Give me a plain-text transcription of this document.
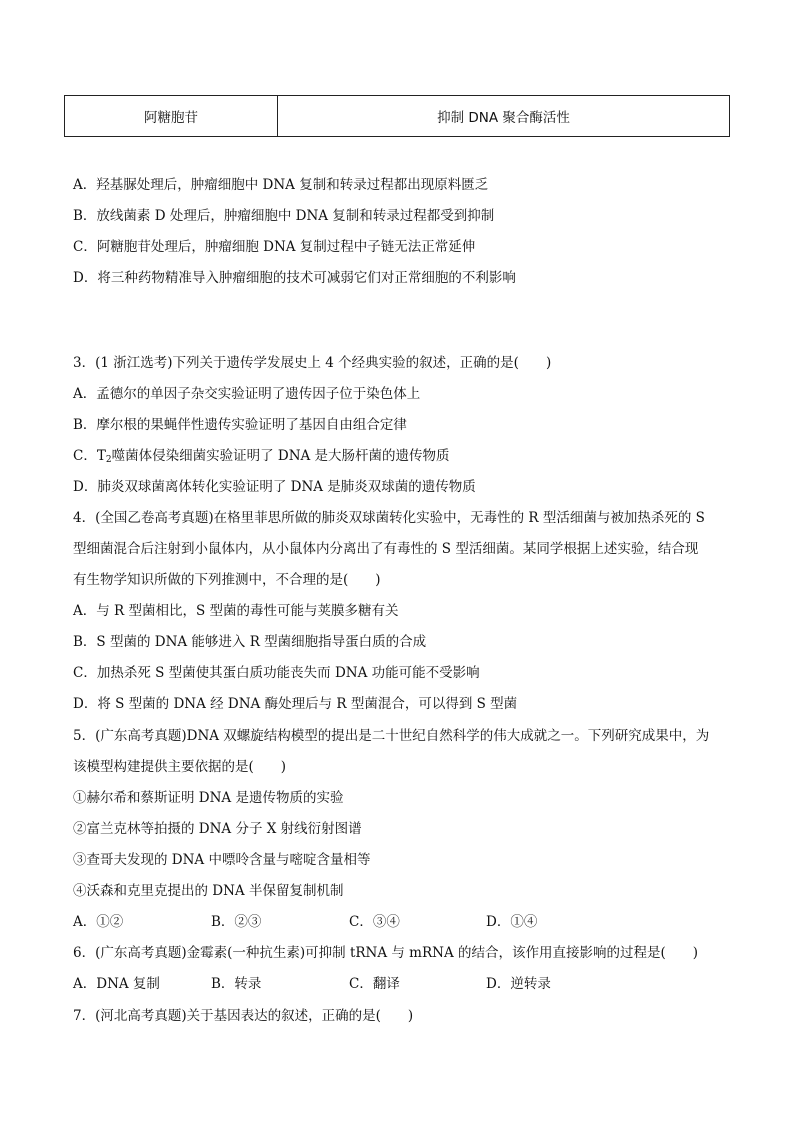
阿糖胞苷	抑制 DNA 聚合酶活性
A．羟基脲处理后，肿瘤细胞中 DNA 复制和转录过程都出现原料匮乏
B．放线菌素 D 处理后，肿瘤细胞中 DNA 复制和转录过程都受到抑制
C．阿糖胞苷处理后，肿瘤细胞 DNA 复制过程中子链无法正常延伸
D．将三种药物精准导入肿瘤细胞的技术可减弱它们对正常细胞的不利影响
3．(1 浙江选考)下列关于遗传学发展史上 4 个经典实验的叙述，正确的是(　　)
A．孟德尔的单因子杂交实验证明了遗传因子位于染色体上
B．摩尔根的果蝇伴性遗传实验证明了基因自由组合定律
C．$T_2$噬菌体侵染细菌实验证明了 DNA 是大肠杆菌的遗传物质
D．肺炎双球菌离体转化实验证明了 DNA 是肺炎双球菌的遗传物质
4．(全国乙卷高考真题)在格里菲思所做的肺炎双球菌转化实验中，无毒性的 R 型活细菌与被加热杀死的 S
型细菌混合后注射到小鼠体内，从小鼠体内分离出了有毒性的 S 型活细菌。某同学根据上述实验，结合现
有生物学知识所做的下列推测中，不合理的是(　　)
A．与 R 型菌相比，S 型菌的毒性可能与荚膜多糖有关
B．S 型菌的 DNA 能够进入 R 型菌细胞指导蛋白质的合成
C．加热杀死 S 型菌使其蛋白质功能丧失而 DNA 功能可能不受影响
D．将 S 型菌的 DNA 经 DNA 酶处理后与 R 型菌混合，可以得到 S 型菌
5．(广东高考真题)DNA 双螺旋结构模型的提出是二十世纪自然科学的伟大成就之一。下列研究成果中，为
该模型构建提供主要依据的是(　　)
①赫尔希和蔡斯证明 DNA 是遗传物质的实验
②富兰克林等拍摄的 DNA 分子 X 射线衍射图谱
③查哥夫发现的 DNA 中嘌呤含量与嘧啶含量相等
④沃森和克里克提出的 DNA 半保留复制机制
A．①②	B．②③	C．③④	D．①④
6．(广东高考真题)金霉素(一种抗生素)可抑制 tRNA 与 mRNA 的结合，该作用直接影响的过程是(　　)
A．DNA 复制	B．转录	C．翻译	D．逆转录
7．(河北高考真题)关于基因表达的叙述，正确的是(　　)
